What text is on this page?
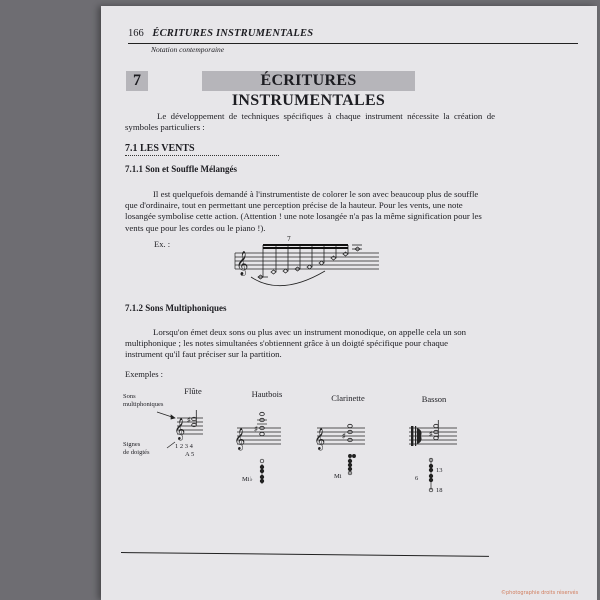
166 ÉCRITURES INSTRUMENTALES
Notation contemporaine
7	ÉCRITURES INSTRUMENTALES
Le développement de techniques spécifiques à chaque instrument nécessite la création de symboles particuliers :
7.1 LES VENTS
7.1.1 Son et Souffle Mélangés
Il est quelquefois demandé à l'instrumentiste de colorer le son avec beaucoup plus de souffle
que d'ordinaire, tout en permettant une perception précise de la hauteur. Pour les vents, une note
losangée symbolise cette action. (Attention ! une note losangée n'a pas la même signification pour les
vents que pour les cordes ou le piano !).
Ex. :
𝄞
7
7.1.2 Sons Multiphoniques
Lorsqu'on émet deux sons ou plus avec un instrument monodique, on appelle cela un son
multiphonique ; les notes simultanées s'obtiennent grâce à un doigté spécifique pour chaque
instrument qu'il faut préciser sur la partition.
Exemples :
Flûte	Hautbois	Clarinette	Basson
Sons
multiphoniques
Signes
de doigtés
1 2 3 4
A 5
𝄞 ♯
𝄞 ♯	𝄞 ♯	♯
Mi♭	Mi
13
6
18
©photographie droits réservés
